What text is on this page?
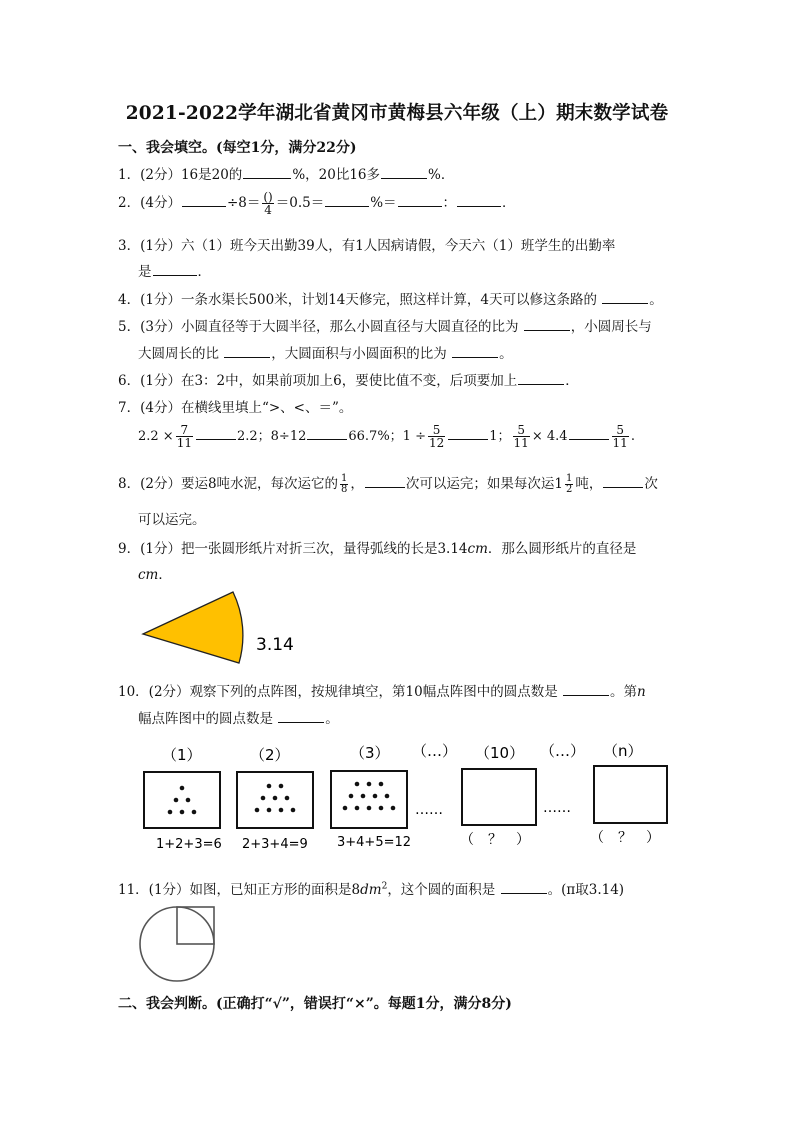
2021-2022学年湖北省黄冈市黄梅县六年级（上）期末数学试卷
一、我会填空。(每空1分，满分22分)
1．(2分）16是20的	%，20比16多	%．
2．(4分）	$\div 8= \frac{()}{4} =0.5=$	%＝	：	．
3．(1分）六（1）班今天出勤39人，有1人因病请假，今天六（1）班学生的出勤率
是	．
4．(1分）一条水渠长500米，计划14天修完，照这样计算，4天可以修这条路的	。
5．(3分）小圆直径等于大圆半径，那么小圆直径与大圆直径的比为	，小圆周长与
大圆周长的比	，大圆面积与小圆面积的比为	。
6．(1分）在3：2中，如果前项加上6，要使比值不变，后项要加上	．
7．(4分）在横线里填上“>、<、＝”。
$2.2 \times \frac{7}{11}$	2.2；8÷12	66.7%；$1 \div \frac{5}{12}$	1； $\frac{5}{11} \times 4.4$	$\frac{5}{11}$ .
8．(2分）要运8吨水泥，每次运它的 $\frac{1}{8}$ ，	次可以运完；如果每次运$1 \frac{1}{2}$ 吨，	次
可以运完。
9．(1分）把一张圆形纸片对折三次，量得弧线的长是3.14cm．那么圆形纸片的直径是
cm．
3.14
10．(2分）观察下列的点阵图，按规律填空，第10幅点阵图中的圆点数是	。第n
幅点阵图中的圆点数是	。
（1）	（2）	（3） （…） （10） （…） （n）
……	……
1+2+3=6 2+3+4=9 3+4+5=12	（　？　）	（　？　）
11．(1分）如图，已知正方形的面积是$8dm^2$，这个圆的面积是	。(π取3.14)
二、我会判断。(正确打“√”，错误打“×”。每题1分，满分8分)
